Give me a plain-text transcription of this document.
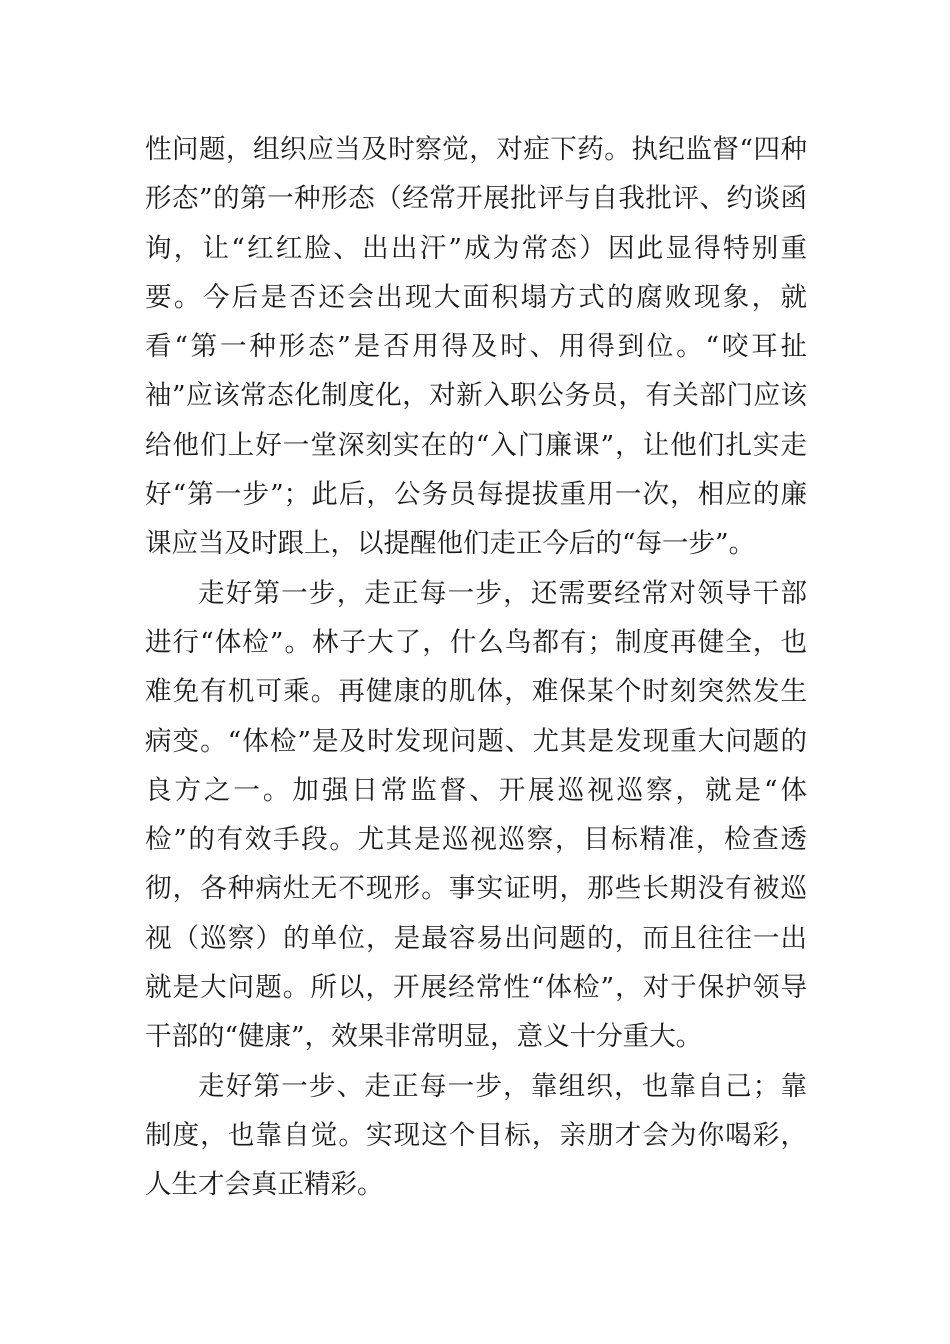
性问题，组织应当及时察觉，对症下药。执纪监督“四种形态”的第一种形态（经常开展批评与自我批评、约谈函询，让“红红脸、出出汗”成为常态）因此显得特别重要。今后是否还会出现大面积塌方式的腐败现象，就看“第一种形态”是否用得及时、用得到位。“咬耳扯袖”应该常态化制度化，对新入职公务员，有关部门应该给他们上好一堂深刻实在的“入门廉课”，让他们扎实走好“第一步”；此后，公务员每提拔重用一次，相应的廉课应当及时跟上，以提醒他们走正今后的“每一步”。

走好第一步，走正每一步，还需要经常对领导干部进行“体检”。林子大了，什么鸟都有；制度再健全，也难免有机可乘。再健康的肌体，难保某个时刻突然发生病变。“体检”是及时发现问题、尤其是发现重大问题的良方之一。加强日常监督、开展巡视巡察，就是“体检”的有效手段。尤其是巡视巡察，目标精准，检查透彻，各种病灶无不现形。事实证明，那些长期没有被巡视（巡察）的单位，是最容易出问题的，而且往往一出就是大问题。所以，开展经常性“体检”，对于保护领导干部的“健康”，效果非常明显，意义十分重大。

走好第一步、走正每一步，靠组织，也靠自己；靠制度，也靠自觉。实现这个目标，亲朋才会为你喝彩，人生才会真正精彩。
